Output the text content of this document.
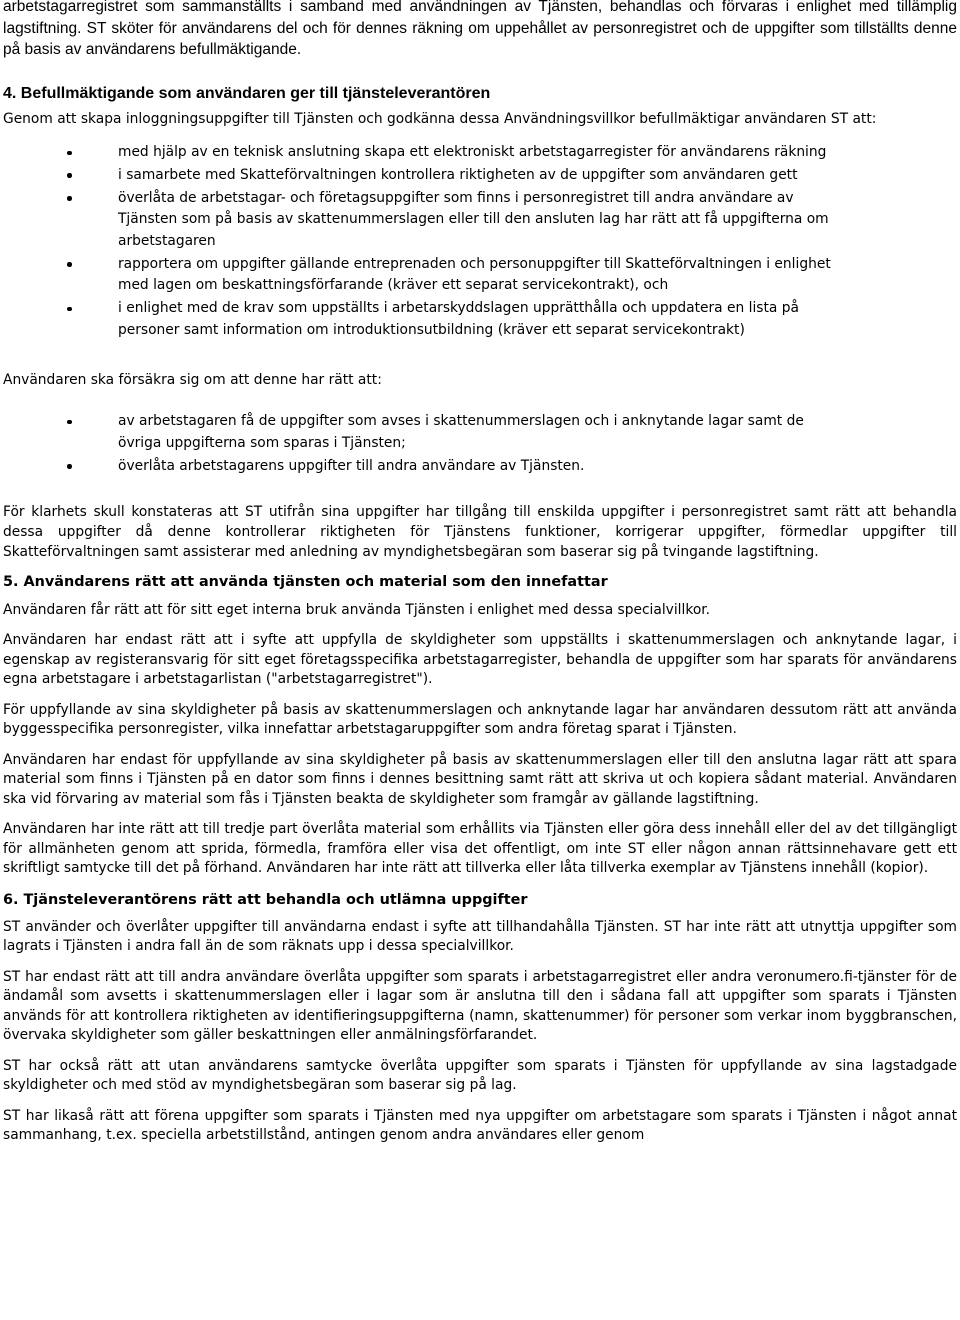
arbetstagarregistret som sammanställts i samband med användningen av Tjänsten, behandlas och förvaras i enlighet med tillämplig lagstiftning. ST sköter för användarens del och för dennes räkning om uppehållet av personregistret och de uppgifter som tillställts denne på basis av användarens befullmäktigande.

4. Befullmäktigande som användaren ger till tjänsteleverantören

Genom att skapa inloggningsuppgifter till Tjänsten och godkänna dessa Användningsvillkor befullmäktigar användaren ST att:

med hjälp av en teknisk anslutning skapa ett elektroniskt arbetstagarregister för användarens räkning
i samarbete med Skatteförvaltningen kontrollera riktigheten av de uppgifter som användaren gett
överlåta de arbetstagar- och företagsuppgifter som finns i personregistret till andra användare av Tjänsten som på basis av skattenummerslagen eller till den ansluten lag har rätt att få uppgifterna om arbetstagaren
rapportera om uppgifter gällande entreprenaden och personuppgifter till Skatteförvaltningen i enlighet med lagen om beskattningsförfarande (kräver ett separat servicekontrakt), och
i enlighet med de krav som uppställts i arbetarskyddslagen upprätthålla och uppdatera en lista på personer samt information om introduktionsutbildning (kräver ett separat servicekontrakt)

Användaren ska försäkra sig om att denne har rätt att:

av arbetstagaren få de uppgifter som avses i skattenummerslagen och i anknytande lagar samt de övriga uppgifterna som sparas i Tjänsten;
överlåta arbetstagarens uppgifter till andra användare av Tjänsten.

För klarhets skull konstateras att ST utifrån sina uppgifter har tillgång till enskilda uppgifter i personregistret samt rätt att behandla dessa uppgifter då denne kontrollerar riktigheten för Tjänstens funktioner, korrigerar uppgifter, förmedlar uppgifter till Skatteförvaltningen samt assisterar med anledning av myndighetsbegäran som baserar sig på tvingande lagstiftning.

5. Användarens rätt att använda tjänsten och material som den innefattar

Användaren får rätt att för sitt eget interna bruk använda Tjänsten i enlighet med dessa specialvillkor.

Användaren har endast rätt att i syfte att uppfylla de skyldigheter som uppställts i skattenummerslagen och anknytande lagar, i egenskap av registeransvarig för sitt eget företagsspecifika arbetstagarregister, behandla de uppgifter som har sparats för användarens egna arbetstagare i arbetstagarlistan ("arbetstagarregistret").

För uppfyllande av sina skyldigheter på basis av skattenummerslagen och anknytande lagar har användaren dessutom rätt att använda byggesspecifika personregister, vilka innefattar arbetstagaruppgifter som andra företag sparat i Tjänsten.

Användaren har endast för uppfyllande av sina skyldigheter på basis av skattenummerslagen eller till den anslutna lagar rätt att spara material som finns i Tjänsten på en dator som finns i dennes besittning samt rätt att skriva ut och kopiera sådant material. Användaren ska vid förvaring av material som fås i Tjänsten beakta de skyldigheter som framgår av gällande lagstiftning.

Användaren har inte rätt att till tredje part överlåta material som erhållits via Tjänsten eller göra dess innehåll eller del av det tillgängligt för allmänheten genom att sprida, förmedla, framföra eller visa det offentligt, om inte ST eller någon annan rättsinnehavare gett ett skriftligt samtycke till det på förhand. Användaren har inte rätt att tillverka eller låta tillverka exemplar av Tjänstens innehåll (kopior).

6. Tjänsteleverantörens rätt att behandla och utlämna uppgifter

ST använder och överlåter uppgifter till användarna endast i syfte att tillhandahålla Tjänsten. ST har inte rätt att utnyttja uppgifter som lagrats i Tjänsten i andra fall än de som räknats upp i dessa specialvillkor.

ST har endast rätt att till andra användare överlåta uppgifter som sparats i arbetstagarregistret eller andra veronumero.fi-tjänster för de ändamål som avsetts i skattenummerslagen eller i lagar som är anslutna till den i sådana fall att uppgifter som sparats i Tjänsten används för att kontrollera riktigheten av identifieringsuppgifterna (namn, skattenummer) för personer som verkar inom byggbranschen, övervaka skyldigheter som gäller beskattningen eller anmälningsförfarandet.

ST har också rätt att utan användarens samtycke överlåta uppgifter som sparats i Tjänsten för uppfyllande av sina lagstadgade skyldigheter och med stöd av myndighetsbegäran som baserar sig på lag.

ST har likaså rätt att förena uppgifter som sparats i Tjänsten med nya uppgifter om arbetstagare som sparats i Tjänsten i något annat sammanhang, t.ex. speciella arbetstillstånd, antingen genom andra användares eller genom
